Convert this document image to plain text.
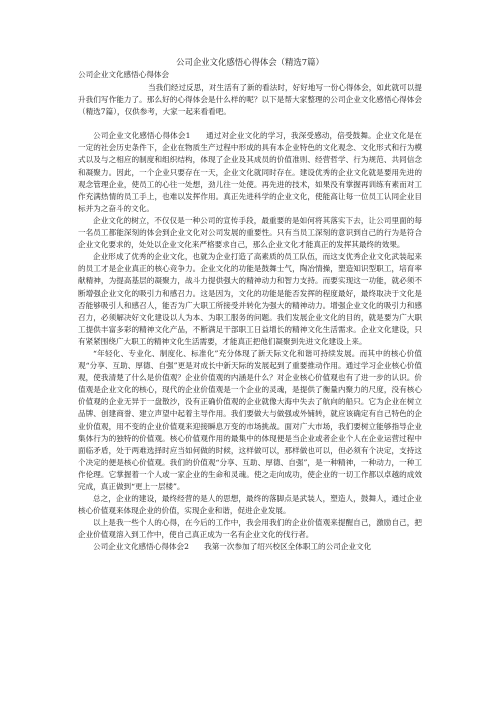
公司企业文化感悟心得体会（精选7篇）
公司企业文化感悟心得体会

当我们经过反思，对生活有了新的看法时，好好地写一份心得体会，如此就可以提升我们写作能力了。那么好的心得体会是什么样的呢？以下是帮大家整理的公司企业文化感悟心得体会（精选7篇），仅供参考，大家一起来看看吧。

公司企业文化感悟心得体会1　　通过对企业文化的学习，我深受感动，倍受鼓舞。企业文化是在一定的社会历史条件下，企业在物质生产过程中形成的具有本企业特色的文化观念、文化形式和行为模式以及与之相应的制度和组织结构，体现了企业及其成员的价值准则、经营哲学、行为规范、共同信念和凝聚力。因此，一个企业只要存在一天，企业文化就同时存在。建设优秀的企业文化就是要用先进的观念管理企业，使员工的心往一处想，劲儿往一处使。再先进的技术，如果没有掌握再训练有素而对工作充满热情的员工手上，也难以发挥作用。真正先进科学的企业文化，使能高让每一位员工认同企业目标并为之奋斗的文化。

企业文化的树立，不仅仅是一种公司的宣传手段，最重要的是如何将其落实下去，让公司里面的每一名员工都能深刻的体会到企业文化对公司发展的重要性。只有当员工深刻的意识到自己的行为是符合企业文化要求的，处处以企业文化来严格要求自己，那么企业文化才能真正的发挥其最终的效果。

企业形成了优秀的企业文化，也就为企业打造了高素质的员工队伍，而这支优秀企业文化武装起来的员工才是企业真正的核心竞争力。企业文化的功能是鼓舞士气，陶冶情操，塑造知识型职工，培育率献精神，为提高基层的凝聚力，战斗力提供强大的精神动力和智力支持。而要实现这一功能，就必须不断增强企业文化的吸引力和感召力。这是因为，文化的功能是能否发挥的程度最好，最终取决于文化是否能够吸引人和感召人，能否为广大职工所接受并转化为强大的精神动力。增强企业文化的吸引力和感召力，必须解决好文化建设以人为本、为职工服务的问题。我们发展企业文化的目的，就是要为广大职工提供丰富多彩的精神文化产品，不断满足干部职工日益增长的精神文化生活需求。企业文化建设，只有紧紧围绕广大职工的精神文化生活需要，才能真正把他们凝聚到先进文化建设上来。

“年轻化、专业化、制度化、标准化”充分体现了新天际文化和谐可持续发展。而其中的核心价值观“分享、互助、厚德、自强”更是对成长中新天际的发展起到了重要推动作用。通过学习企业核心价值观，使我清楚了什么是价值观？企业价值观的内涵是什么？对企业核心价值观也有了进一步的认识。价值观是企业文化的核心，现代的企业价值观是一个企业的灵魂，是提供了衡量内聚力的尺度，没有核心价值观的企业无异于一盘散沙，没有正确价值观的企业就像大海中失去了航向的船只。它为企业在树立品牌、创建商誉、建立声望中起着主导作用。我们要做大与做强或外铺转，就应该确定有自己特色的企业价值观，用不变的企业价值观来迎接瞬息万变的市场挑战。面对广大市场，我们要树立能够指导企业集体行为的独特的价值观。核心价值观作用的最集中的体现便是当企业或者企业个人在企业运营过程中面临矛盾，处于两难选择时应当如何做的时候，这样做可以，那样做也可以，但必须有个决定，支持这个决定的便是核心价值观。我们的价值观“分享、互助、厚德、自强”，是一种精神，一种动力，一种工作伦理。它掌握着一个人或一家企业的生命和灵魂。使之走向成功，使企业的一切工作都以卓越的成效完成，真正做到“更上一层楼”。

总之，企业的建设，最终经营的是人的思想，最终的落脚点是武装人，塑造人，鼓舞人，通过企业核心价值观来体现企业的价值，实现企业和谐，促进企业发展。

以上是我一些个人的心得，在今后的工作中，我会用我们的企业价值观来提醒自己，激励自己，把企业价值观溶入到工作中，使自己真正成为一名有企业文化的伐行者。

公司企业文化感悟心得体会2　　我第一次参加了绍兴校区全体职工的公司企业文化
